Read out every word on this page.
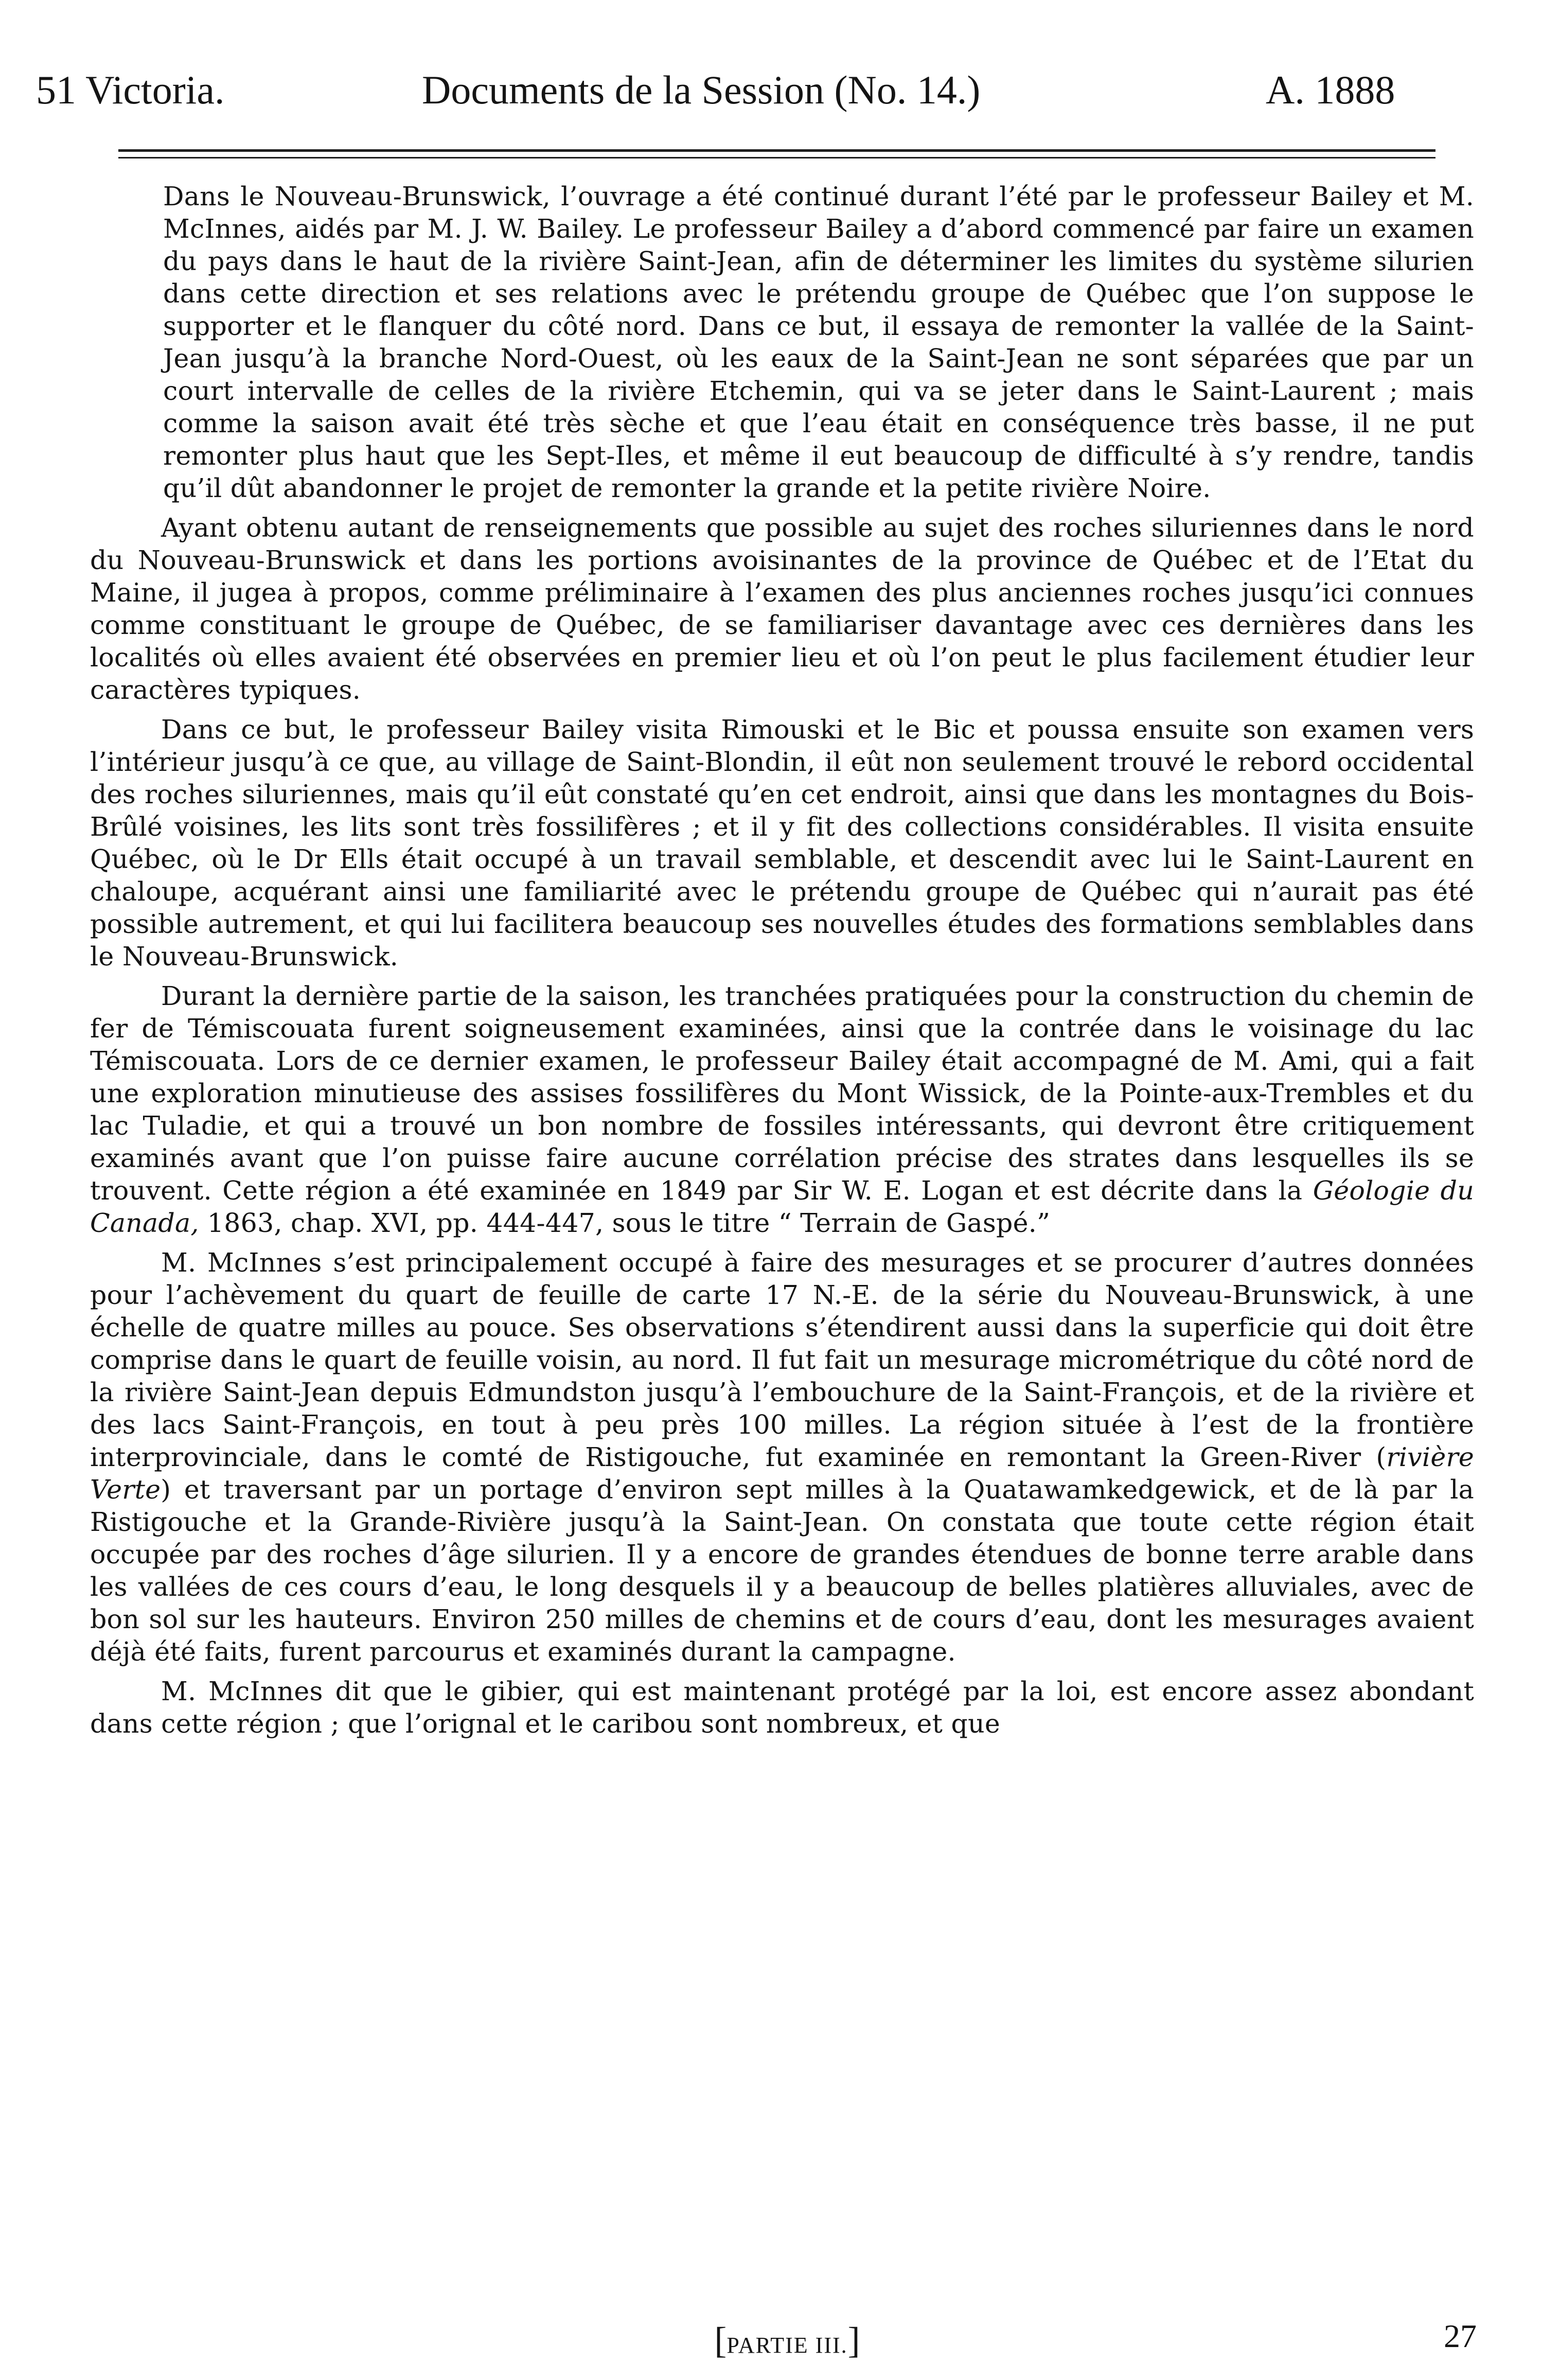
51 Victoria.	Documents de la Session (No. 14.)	A. 1888

Dans le Nouveau-Brunswick, l’ouvrage a été continué durant l’été par le professeur Bailey et M. McInnes, aidés par M. J. W. Bailey. Le professeur Bailey a d’abord commencé par faire un examen du pays dans le haut de la rivière Saint-Jean, afin de déterminer les limites du système silurien dans cette direction et ses relations avec le prétendu groupe de Québec que l’on suppose le supporter et le flanquer du côté nord. Dans ce but, il essaya de remonter la vallée de la Saint-Jean jusqu’à la branche Nord-Ouest, où les eaux de la Saint-Jean ne sont séparées que par un court intervalle de celles de la rivière Etchemin, qui va se jeter dans le Saint-Laurent ; mais comme la saison avait été très sèche et que l’eau était en conséquence très basse, il ne put remonter plus haut que les Sept-Iles, et même il eut beaucoup de difficulté à s’y rendre, tandis qu’il dût abandonner le projet de remonter la grande et la petite rivière Noire.

Ayant obtenu autant de renseignements que possible au sujet des roches siluriennes dans le nord du Nouveau-Brunswick et dans les portions avoisinantes de la province de Québec et de l’Etat du Maine, il jugea à propos, comme préliminaire à l’examen des plus anciennes roches jusqu’ici connues comme constituant le groupe de Québec, de se familiariser davantage avec ces dernières dans les localités où elles avaient été observées en premier lieu et où l’on peut le plus facilement étudier leur caractères typiques.

Dans ce but, le professeur Bailey visita Rimouski et le Bic et poussa ensuite son examen vers l’intérieur jusqu’à ce que, au village de Saint-Blondin, il eût non seulement trouvé le rebord occidental des roches siluriennes, mais qu’il eût constaté qu’en cet endroit, ainsi que dans les montagnes du Bois-Brûlé voisines, les lits sont très fossilifères ; et il y fit des collections considérables. Il visita ensuite Québec, où le Dr Ells était occupé à un travail semblable, et descendit avec lui le Saint-Laurent en chaloupe, acquérant ainsi une familiarité avec le prétendu groupe de Québec qui n’aurait pas été possible autrement, et qui lui facilitera beaucoup ses nouvelles études des formations semblables dans le Nouveau-Brunswick.

Durant la dernière partie de la saison, les tranchées pratiquées pour la construction du chemin de fer de Témiscouata furent soigneusement examinées, ainsi que la contrée dans le voisinage du lac Témiscouata. Lors de ce dernier examen, le professeur Bailey était accompagné de M. Ami, qui a fait une exploration minutieuse des assises fossilifères du Mont Wissick, de la Pointe-aux-Trembles et du lac Tuladie, et qui a trouvé un bon nombre de fossiles intéressants, qui devront être critiquement examinés avant que l’on puisse faire aucune corrélation précise des strates dans lesquelles ils se trouvent. Cette région a été examinée en 1849 par Sir W. E. Logan et est décrite dans la Géologie du Canada, 1863, chap. XVI, pp. 444-447, sous le titre “ Terrain de Gaspé.”

M. McInnes s’est principalement occupé à faire des mesurages et se procurer d’autres données pour l’achèvement du quart de feuille de carte 17 N.-E. de la série du Nouveau-Brunswick, à une échelle de quatre milles au pouce. Ses observations s’étendirent aussi dans la superficie qui doit être comprise dans le quart de feuille voisin, au nord. Il fut fait un mesurage micrométrique du côté nord de la rivière Saint-Jean depuis Edmundston jusqu’à l’embouchure de la Saint-François, et de la rivière et des lacs Saint-François, en tout à peu près 100 milles. La région située à l’est de la frontière interprovinciale, dans le comté de Ristigouche, fut examinée en remontant la Green-River (rivière Verte) et traversant par un portage d’environ sept milles à la Quatawamkedgewick, et de là par la Ristigouche et la Grande-Rivière jusqu’à la Saint-Jean. On constata que toute cette région était occupée par des roches d’âge silurien. Il y a encore de grandes étendues de bonne terre arable dans les vallées de ces cours d’eau, le long desquels il y a beaucoup de belles platières alluviales, avec de bon sol sur les hauteurs. Environ 250 milles de chemins et de cours d’eau, dont les mesurages avaient déjà été faits, furent parcourus et examinés durant la campagne.

M. McInnes dit que le gibier, qui est maintenant protégé par la loi, est encore assez abondant dans cette région ; que l’orignal et le caribou sont nombreux, et que

[PARTIE III.]	27
